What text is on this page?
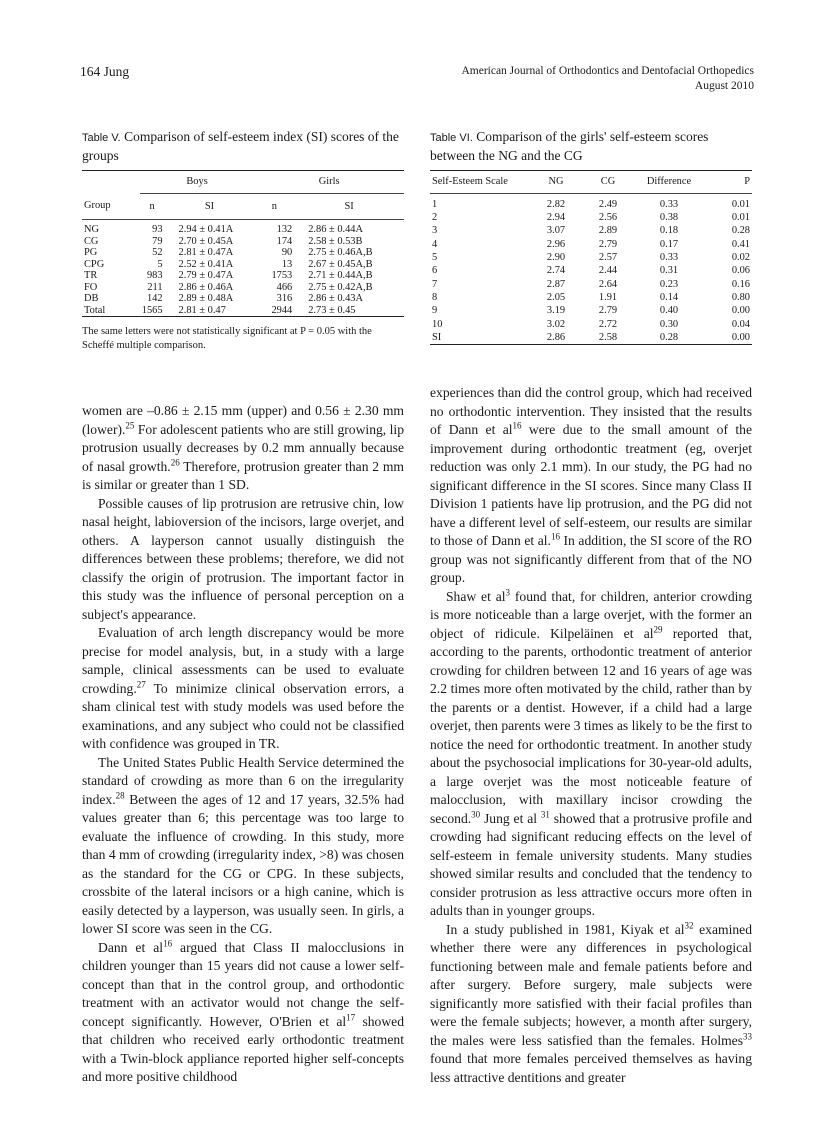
164 Jung	American Journal of Orthodontics and Dentofacial Orthopedics
August 2010
Table V. Comparison of self-esteem index (SI) scores of the groups
	Boys		Girls	
Group	n	SI	n	SI
NG	93	2.94 ± 0.41A	132	2.86 ± 0.44A
CG	79	2.70 ± 0.45A	174	2.58 ± 0.53B
PG	52	2.81 ± 0.47A	90	2.75 ± 0.46A,B
CPG	5	2.52 ± 0.41A	13	2.67 ± 0.45A,B
TR	983	2.79 ± 0.47A	1753	2.71 ± 0.44A,B
FO	211	2.86 ± 0.46A	466	2.75 ± 0.42A,B
DB	142	2.89 ± 0.48A	316	2.86 ± 0.43A
Total	1565	2.81 ± 0.47	2944	2.73 ± 0.45

The same letters were not statistically significant at P = 0.05 with the Scheffé multiple comparison.
Table VI. Comparison of the girls' self-esteem scores between the NG and the CG
Self-Esteem Scale	NG	CG	Difference	P
1	2.82	2.49	0.33	0.01
2	2.94	2.56	0.38	0.01
3	3.07	2.89	0.18	0.28
4	2.96	2.79	0.17	0.41
5	2.90	2.57	0.33	0.02
6	2.74	2.44	0.31	0.06
7	2.87	2.64	0.23	0.16
8	2.05	1.91	0.14	0.80
9	3.19	2.79	0.40	0.00
10	3.02	2.72	0.30	0.04
SI	2.86	2.58	0.28	0.00

women are –0.86 ± 2.15 mm (upper) and 0.56 ± 2.30 mm (lower).$^{25}$ For adolescent patients who are still growing, lip protrusion usually decreases by 0.2 mm annually because of nasal growth.$^{26}$ Therefore, protrusion greater than 2 mm is similar or greater than 1 SD.

Possible causes of lip protrusion are retrusive chin, low nasal height, labioversion of the incisors, large overjet, and others. A layperson cannot usually distinguish the differences between these problems; therefore, we did not classify the origin of protrusion. The important factor in this study was the influence of personal perception on a subject's appearance.

Evaluation of arch length discrepancy would be more precise for model analysis, but, in a study with a large sample, clinical assessments can be used to evaluate crowding.$^{27}$ To minimize clinical observation errors, a sham clinical test with study models was used before the examinations, and any subject who could not be classified with confidence was grouped in TR.

The United States Public Health Service determined the standard of crowding as more than 6 on the irregularity index.$^{28}$ Between the ages of 12 and 17 years, 32.5% had values greater than 6; this percentage was too large to evaluate the influence of crowding. In this study, more than 4 mm of crowding (irregularity index, >8) was chosen as the standard for the CG or CPG. In these subjects, crossbite of the lateral incisors or a high canine, which is easily detected by a layperson, was usually seen. In girls, a lower SI score was seen in the CG.

Dann et $al^{16}$ argued that Class II malocclusions in children younger than 15 years did not cause a lower self-concept than that in the control group, and orthodontic treatment with an activator would not change the self-concept significantly. However, O'Brien et $al^{17}$ showed that children who received early orthodontic treatment with a Twin-block appliance reported higher self-concepts and more positive childhood

experiences than did the control group, which had received no orthodontic intervention. They insisted that the results of Dann et $al^{16}$ were due to the small amount of the improvement during orthodontic treatment (eg, overjet reduction was only 2.1 mm). In our study, the PG had no significant difference in the SI scores. Since many Class II Division 1 patients have lip protrusion, and the PG did not have a different level of self-esteem, our results are similar to those of Dann et al.$^{16}$ In addition, the SI score of the RO group was not significantly different from that of the NO group.

Shaw et $al^3$ found that, for children, anterior crowding is more noticeable than a large overjet, with the former an object of ridicule. Kilpeläinen et $al^{29}$ reported that, according to the parents, orthodontic treatment of anterior crowding for children between 12 and 16 years of age was 2.2 times more often motivated by the child, rather than by the parents or a dentist. However, if a child had a large overjet, then parents were 3 times as likely to be the first to notice the need for orthodontic treatment. In another study about the psychosocial implications for 30-year-old adults, a large overjet was the most noticeable feature of malocclusion, with maxillary incisor crowding the second.$^{30}$ Jung et al $^{31}$ showed that a protrusive profile and crowding had significant reducing effects on the level of self-esteem in female university students. Many studies showed similar results and concluded that the tendency to consider protrusion as less attractive occurs more often in adults than in younger groups.

In a study published in 1981, Kiyak et $al^{32}$ examined whether there were any differences in psychological functioning between male and female patients before and after surgery. Before surgery, male subjects were significantly more satisfied with their facial profiles than were the female subjects; however, a month after surgery, the males were less satisfied than the females. Holmes$^{33}$ found that more females perceived themselves as having less attractive dentitions and greater
